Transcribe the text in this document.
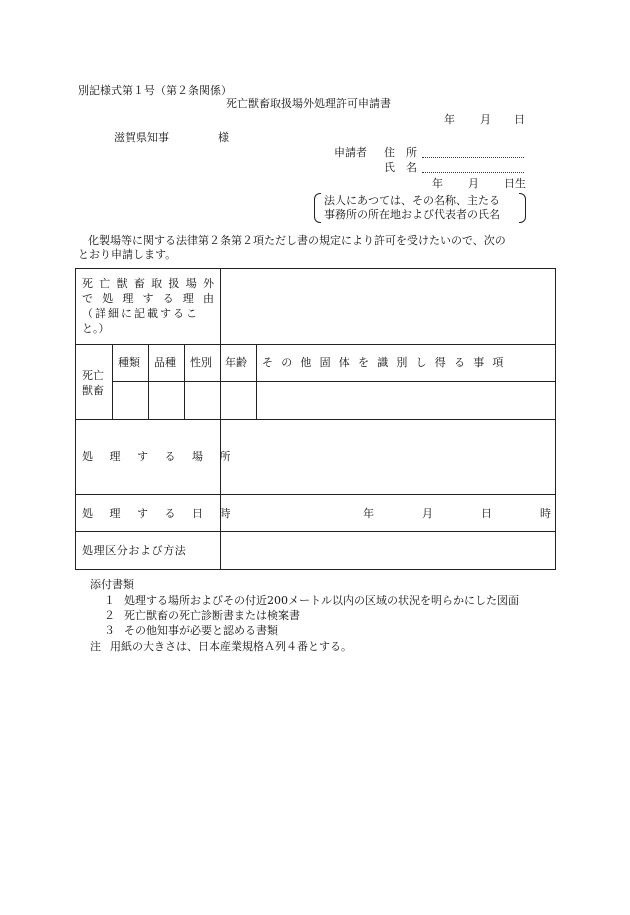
別記様式第１号（第２条関係）
死亡獣畜取扱場外処理許可申請書
年 月 日
滋賀県知事	様
申請者 住　所
氏　名
年 月 日生
法人にあつては、その名称、主たる
事務所の所在地および代表者の氏名
化製場等に関する法律第２条第２項ただし書の規定により許可を受けたいので、次の
とおり申請します。
死 亡 獣 畜 取 扱 場 外
で 処 理 す る 理 由
（詳細に記載するこ
と。）
死亡
獣畜
種類 品種 性別 年齢 その他固体を識別し得る事項
処理する場所
処理する日時	年	月	日	時
処理区分および方法
添付書類
１ 処理する場所およびその付近200メートル以内の区域の状況を明らかにした図面
２ 死亡獣畜の死亡診断書または検案書
３ その他知事が必要と認める書類
注 用紙の大きさは、日本産業規格Ａ列４番とする。
